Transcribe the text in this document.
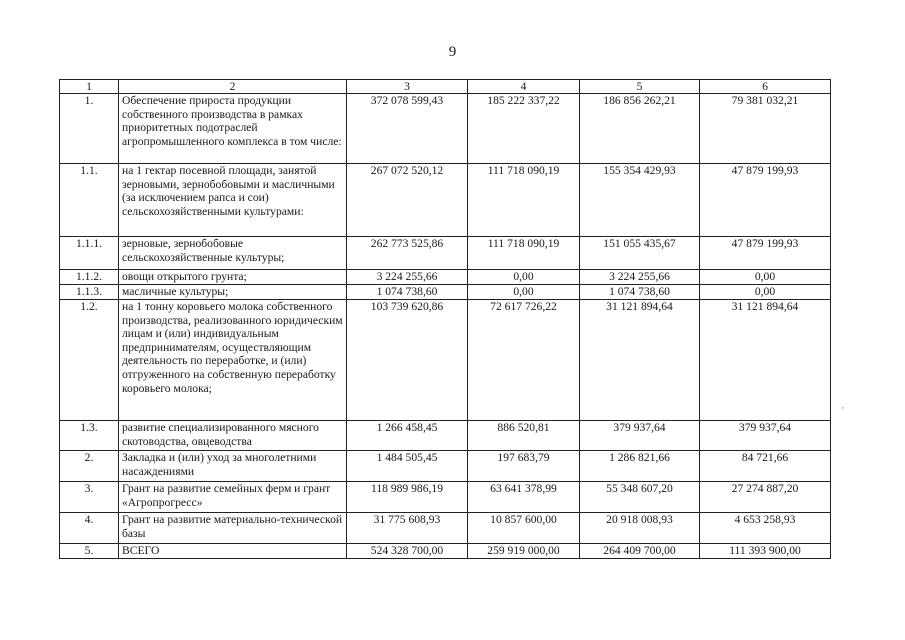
9
1	2	3	4	5	6
1.	Обеспечение прироста продукции собственного производства в рамках приоритетных подотраслей агропромышленного комплекса в том числе:	372 078 599,43	185 222 337,22	186 856 262,21	79 381 032,21
1.1.	на 1 гектар посевной площади, занятой зерновыми, зернобобовыми и масличными (за исключением рапса и сои) сельскохозяйственными культурами:	267 072 520,12	111 718 090,19	155 354 429,93	47 879 199,93
1.1.1.	зерновые, зернобобовые сельскохозяйственные культуры;	262 773 525,86	111 718 090,19	151 055 435,67	47 879 199,93
1.1.2.	овощи открытого грунта;	3 224 255,66	0,00	3 224 255,66	0,00
1.1.3.	масличные культуры;	1 074 738,60	0,00	1 074 738,60	0,00
1.2.	на 1 тонну коровьего молока собственного производства, реализованного юридическим лицам и (или) индивидуальным предпринимателям, осуществляющим деятельность по переработке, и (или) отгруженного на собственную переработку коровьего молока;	103 739 620,86	72 617 726,22	31 121 894,64	31 121 894,64
1.3.	развитие специализированного мясного скотоводства, овцеводства	1 266 458,45	886 520,81	379 937,64	379 937,64
2.	Закладка и (или) уход за многолетними насаждениями	1 484 505,45	197 683,79	1 286 821,66	84 721,66
3.	Грант на развитие семейных ферм и грант «Агропрогресс»	118 989 986,19	63 641 378,99	55 348 607,20	27 274 887,20
4.	Грант на развитие материально-технической базы	31 775 608,93	10 857 600,00	20 918 008,93	4 653 258,93
5.	ВСЕГО	524 328 700,00	259 919 000,00	264 409 700,00	111 393 900,00
'
